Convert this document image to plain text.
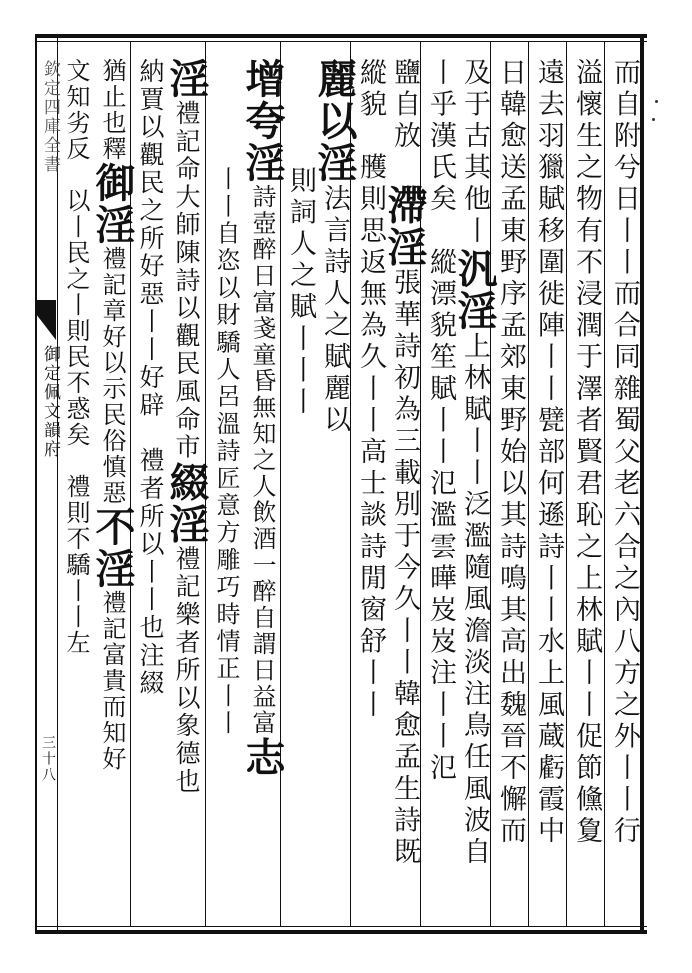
欽定四庫全書
御定佩文韻府
三十八	而自附兮日丨丨而合同雜蜀父老六合之內八方之外丨丨行
溢懷生之物有不浸潤于澤者賢君恥之上林賦丨丨促節儵夐
遠去羽獵賦移圍徙陣丨丨甓部何遜詩丨丨水上風蔵虧霞中
日韓愈送孟東野序孟郊東野始以其詩鳴其高出魏晉不懈而
及于古其他丨汎淫上林賦丨丨泛濫隨風澹淡注鳥任風波自
丨乎漢氏矣　縱漂貌笙賦丨丨氾濫雲曄岌岌注丨丨氾
鹽自放　滯淫張華詩初為三載別于今久丨丨韓愈孟生詩既
縱貌　雘則思返無為久丨丨高士談詩閒窗舒丨丨
麗以淫法言詩人之賦麗以
則詞人之賦丨丨丨
增夸淫詩壺醉日富戔童昏無知之人飲酒一醉自謂日益富志
丨丨自恣以財驕人呂溫詩匠意方雕巧時情正丨丨
淫禮記命大師陳詩以觀民風命市綴淫禮記樂者所以象德也
納賈以觀民之所好惡丨丨好辟　禮者所以丨丨也注綴
猶止也釋御淫禮記章好以示民俗慎惡不淫禮記富貴而知好
文知劣反　以丨民之丨則民不惑矣　禮則不驕丨丨左
